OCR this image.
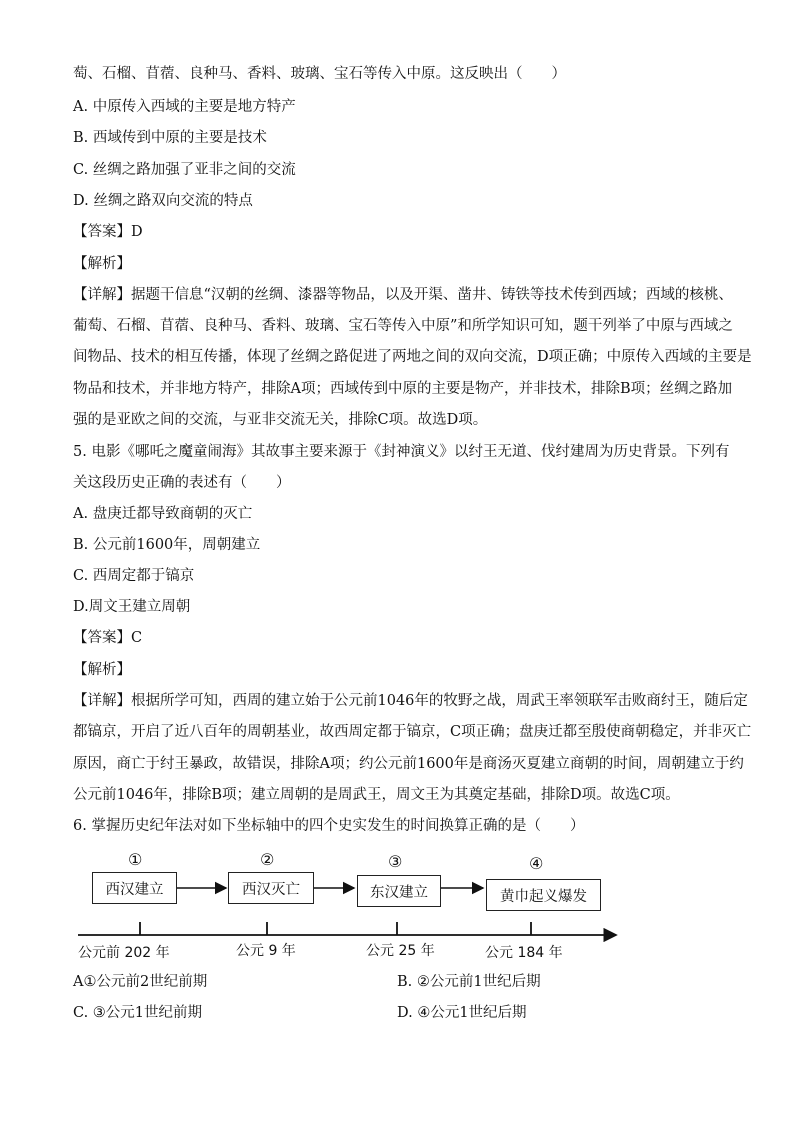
萄、石榴、苜蓿、良种马、香料、玻璃、宝石等传入中原。这反映出（　　）
A. 中原传入西域的主要是地方特产
B. 西域传到中原的主要是技术
C. 丝绸之路加强了亚非之间的交流
D. 丝绸之路双向交流的特点
【答案】D
【解析】
【详解】据题干信息“汉朝的丝绸、漆器等物品，以及开渠、凿井、铸铁等技术传到西域；西域的核桃、
葡萄、石榴、苜蓿、良种马、香料、玻璃、宝石等传入中原”和所学知识可知，题干列举了中原与西域之
间物品、技术的相互传播，体现了丝绸之路促进了两地之间的双向交流，D项正确；中原传入西域的主要是
物品和技术，并非地方特产，排除A项；西域传到中原的主要是物产，并非技术，排除B项；丝绸之路加
强的是亚欧之间的交流，与亚非交流无关，排除C项。故选D项。
5. 电影《哪吒之魔童闹海》其故事主要来源于《封神演义》以纣王无道、伐纣建周为历史背景。下列有
关这段历史正确的表述有（　　）
A. 盘庚迁都导致商朝的灭亡
B. 公元前1600年，周朝建立
C. 西周定都于镐京
D.周文王建立周朝
【答案】C
【解析】
【详解】根据所学可知，西周的建立始于公元前1046年的牧野之战，周武王率领联军击败商纣王，随后定
都镐京，开启了近八百年的周朝基业，故西周定都于镐京，C项正确；盘庚迁都至殷使商朝稳定，并非灭亡
原因，商亡于纣王暴政，故错误，排除A项；约公元前1600年是商汤灭夏建立商朝的时间，周朝建立于约
公元前1046年，排除B项；建立周朝的是周武王，周文王为其奠定基础，排除D项。故选C项。
6. 掌握历史纪年法对如下坐标轴中的四个史实发生的时间换算正确的是（　　）
①	②	③	④
西汉建立	西汉灭亡	东汉建立	黄巾起义爆发
公元前 202 年	公元 9 年	公元 25 年	公元 184 年
A①公元前2世纪前期	B. ②公元前1世纪后期
C. ③公元1世纪前期	D. ④公元1世纪后期
